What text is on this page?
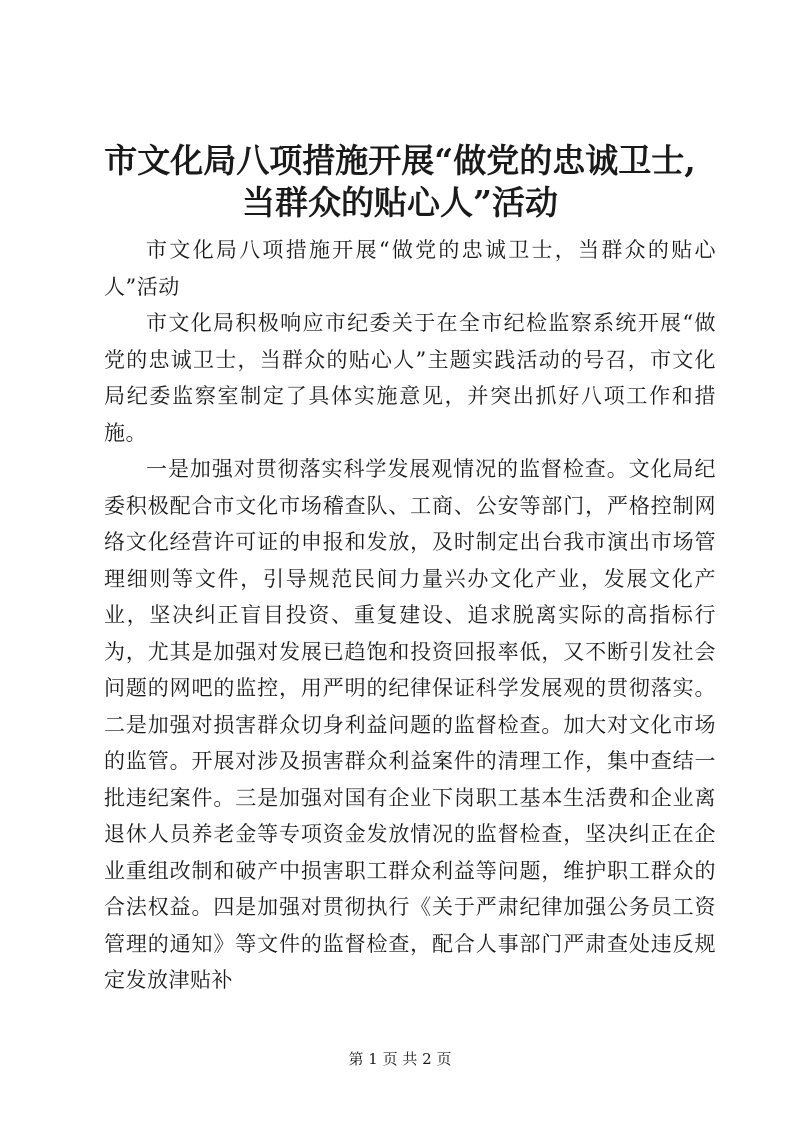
市文化局八项措施开展“做党的忠诚卫士,当群众的贴心人”活动

市文化局八项措施开展“做党的忠诚卫士，当群众的贴心人”活动

市文化局积极响应市纪委关于在全市纪检监察系统开展“做党的忠诚卫士，当群众的贴心人”主题实践活动的号召，市文化局纪委监察室制定了具体实施意见，并突出抓好八项工作和措施。

一是加强对贯彻落实科学发展观情况的监督检查。文化局纪委积极配合市文化市场稽查队、工商、公安等部门，严格控制网络文化经营许可证的申报和发放，及时制定出台我市演出市场管理细则等文件，引导规范民间力量兴办文化产业，发展文化产业，坚决纠正盲目投资、重复建设、追求脱离实际的高指标行为，尤其是加强对发展已趋饱和投资回报率低，又不断引发社会问题的网吧的监控，用严明的纪律保证科学发展观的贯彻落实。二是加强对损害群众切身利益问题的监督检查。加大对文化市场的监管。开展对涉及损害群众利益案件的清理工作，集中查结一批违纪案件。三是加强对国有企业下岗职工基本生活费和企业离退休人员养老金等专项资金发放情况的监督检查，坚决纠正在企业重组改制和破产中损害职工群众利益等问题，维护职工群众的合法权益。四是加强对贯彻执行《关于严肃纪律加强公务员工资管理的通知》等文件的监督检查，配合人事部门严肃查处违反规定发放津贴补

第 1 页 共 2 页
